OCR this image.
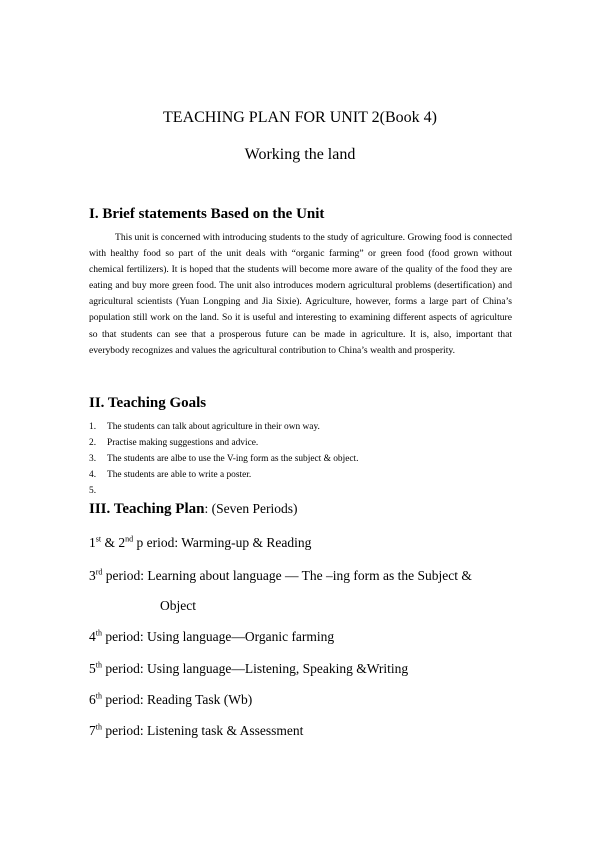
TEACHING PLAN FOR UNIT 2(Book 4)
Working the land
I. Brief statements Based on the Unit

This unit is concerned with introducing students to the study of agriculture. Growing food is connected with healthy food so part of the unit deals with “organic farming” or green food (food grown without chemical fertilizers). It is hoped that the students will become more aware of the quality of the food they are eating and buy more green food. The unit also introduces modern agricultural problems (desertification) and agricultural scientists (Yuan Longping and Jia Sixie). Agriculture, however, forms a large part of China’s population still work on the land. So it is useful and interesting to examining different aspects of agriculture so that students can see that a prosperous future can be made in agriculture. It is, also, important that everybody recognizes and values the agricultural contribution to China’s wealth and prosperity.

II. Teaching Goals
1. The students can talk about agriculture in their own way.
2. Practise making suggestions and advice.
3. The students are albe to use the V-ing form as the subject & object.
4. The students are able to write a poster.
5.
III. Teaching Plan: (Seven Periods)
1st & 2nd p eriod: Warming-up & Reading
3rd period: Learning about language — The –ing form as the Subject &
Object
4th period: Using language—Organic farming
5th period: Using language—Listening, Speaking &Writing
6th period: Reading Task (Wb)
7th period: Listening task & Assessment
